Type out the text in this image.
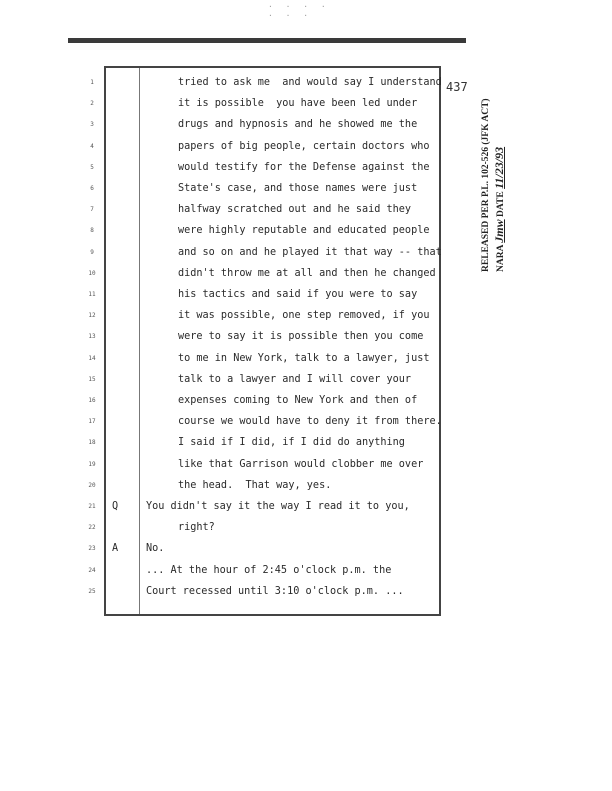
· · · · · · ·
437
1	tried to ask me  and would say I understand
2	it is possible  you have been led under
3	drugs and hypnosis and he showed me the
4	papers of big people, certain doctors who
5	would testify for the Defense against the
6	State's case, and those names were just
7	halfway scratched out and he said they
8	were highly reputable and educated people
9	and so on and he played it that way -- that
10	didn't throw me at all and then he changed
11	his tactics and said if you were to say
12	it was possible, one step removed, if you
13	were to say it is possible then you come
14	to me in New York, talk to a lawyer, just
15	talk to a lawyer and I will cover your
16	expenses coming to New York and then of
17	course we would have to deny it from there.
18	I said if I did, if I did do anything
19	like that Garrison would clobber me over
20	the head.  That way, yes.
21	Q	You didn't say it the way I read it to you,
22	right?
23	A	No.
24	... At the hour of 2:45 o'clock p.m. the
25	Court recessed until 3:10 o'clock p.m. ...
RELEASED PER P.L. 102-526 (JFK ACT) NARA Jmw DATE 11/23/93
